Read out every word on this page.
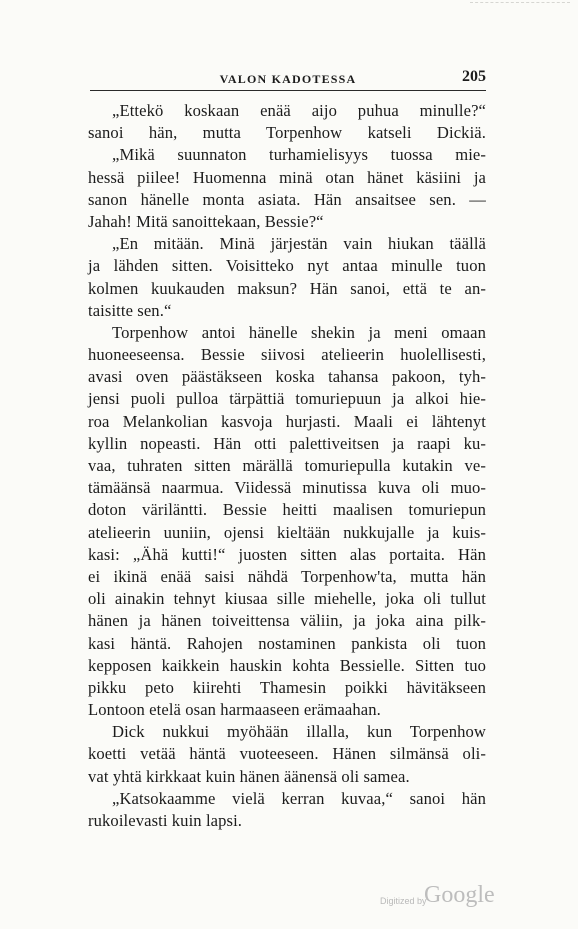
VALON KADOTESSA	205
„Ettekö koskaan enää aijo puhua minulle?“
sanoi hän, mutta Torpenhow katseli Dickiä.
„Mikä suunnaton turhamielisyys tuossa mie-
hessä piilee! Huomenna minä otan hänet käsiini ja
sanon hänelle monta asiata. Hän ansaitsee sen. —
Jahah! Mitä sanoittekaan, Bessie?“
„En mitään. Minä järjestän vain hiukan täällä
ja lähden sitten. Voisitteko nyt antaa minulle tuon
kolmen kuukauden maksun? Hän sanoi, että te an-
taisitte sen.“
Torpenhow antoi hänelle shekin ja meni omaan
huoneeseensa. Bessie siivosi atelieerin huolellisesti,
avasi oven päästäkseen koska tahansa pakoon, tyh-
jensi puoli pulloa tärpättiä tomuriepuun ja alkoi hie-
roa Melankolian kasvoja hurjasti. Maali ei lähtenyt
kyllin nopeasti. Hän otti palettiveitsen ja raapi ku-
vaa, tuhraten sitten märällä tomuriepulla kutakin ve-
tämäänsä naarmua. Viidessä minutissa kuva oli muo-
doton väriläntti. Bessie heitti maalisen tomuriepun
atelieerin uuniin, ojensi kieltään nukkujalle ja kuis-
kasi: „Ähä kutti!“ juosten sitten alas portaita. Hän
ei ikinä enää saisi nähdä Torpenhow'ta, mutta hän
oli ainakin tehnyt kiusaa sille miehelle, joka oli tullut
hänen ja hänen toiveittensa väliin, ja joka aina pilk-
kasi häntä. Rahojen nostaminen pankista oli tuon
kepposen kaikkein hauskin kohta Bessielle. Sitten tuo
pikku peto kiirehti Thamesin poikki hävitäkseen
Lontoon etelä osan harmaaseen erämaahan.
Dick nukkui myöhään illalla, kun Torpenhow
koetti vetää häntä vuoteeseen. Hänen silmänsä oli-
vat yhtä kirkkaat kuin hänen äänensä oli samea.
„Katsokaamme vielä kerran kuvaa,“ sanoi hän
rukoilevasti kuin lapsi.
Digitized by
Google
